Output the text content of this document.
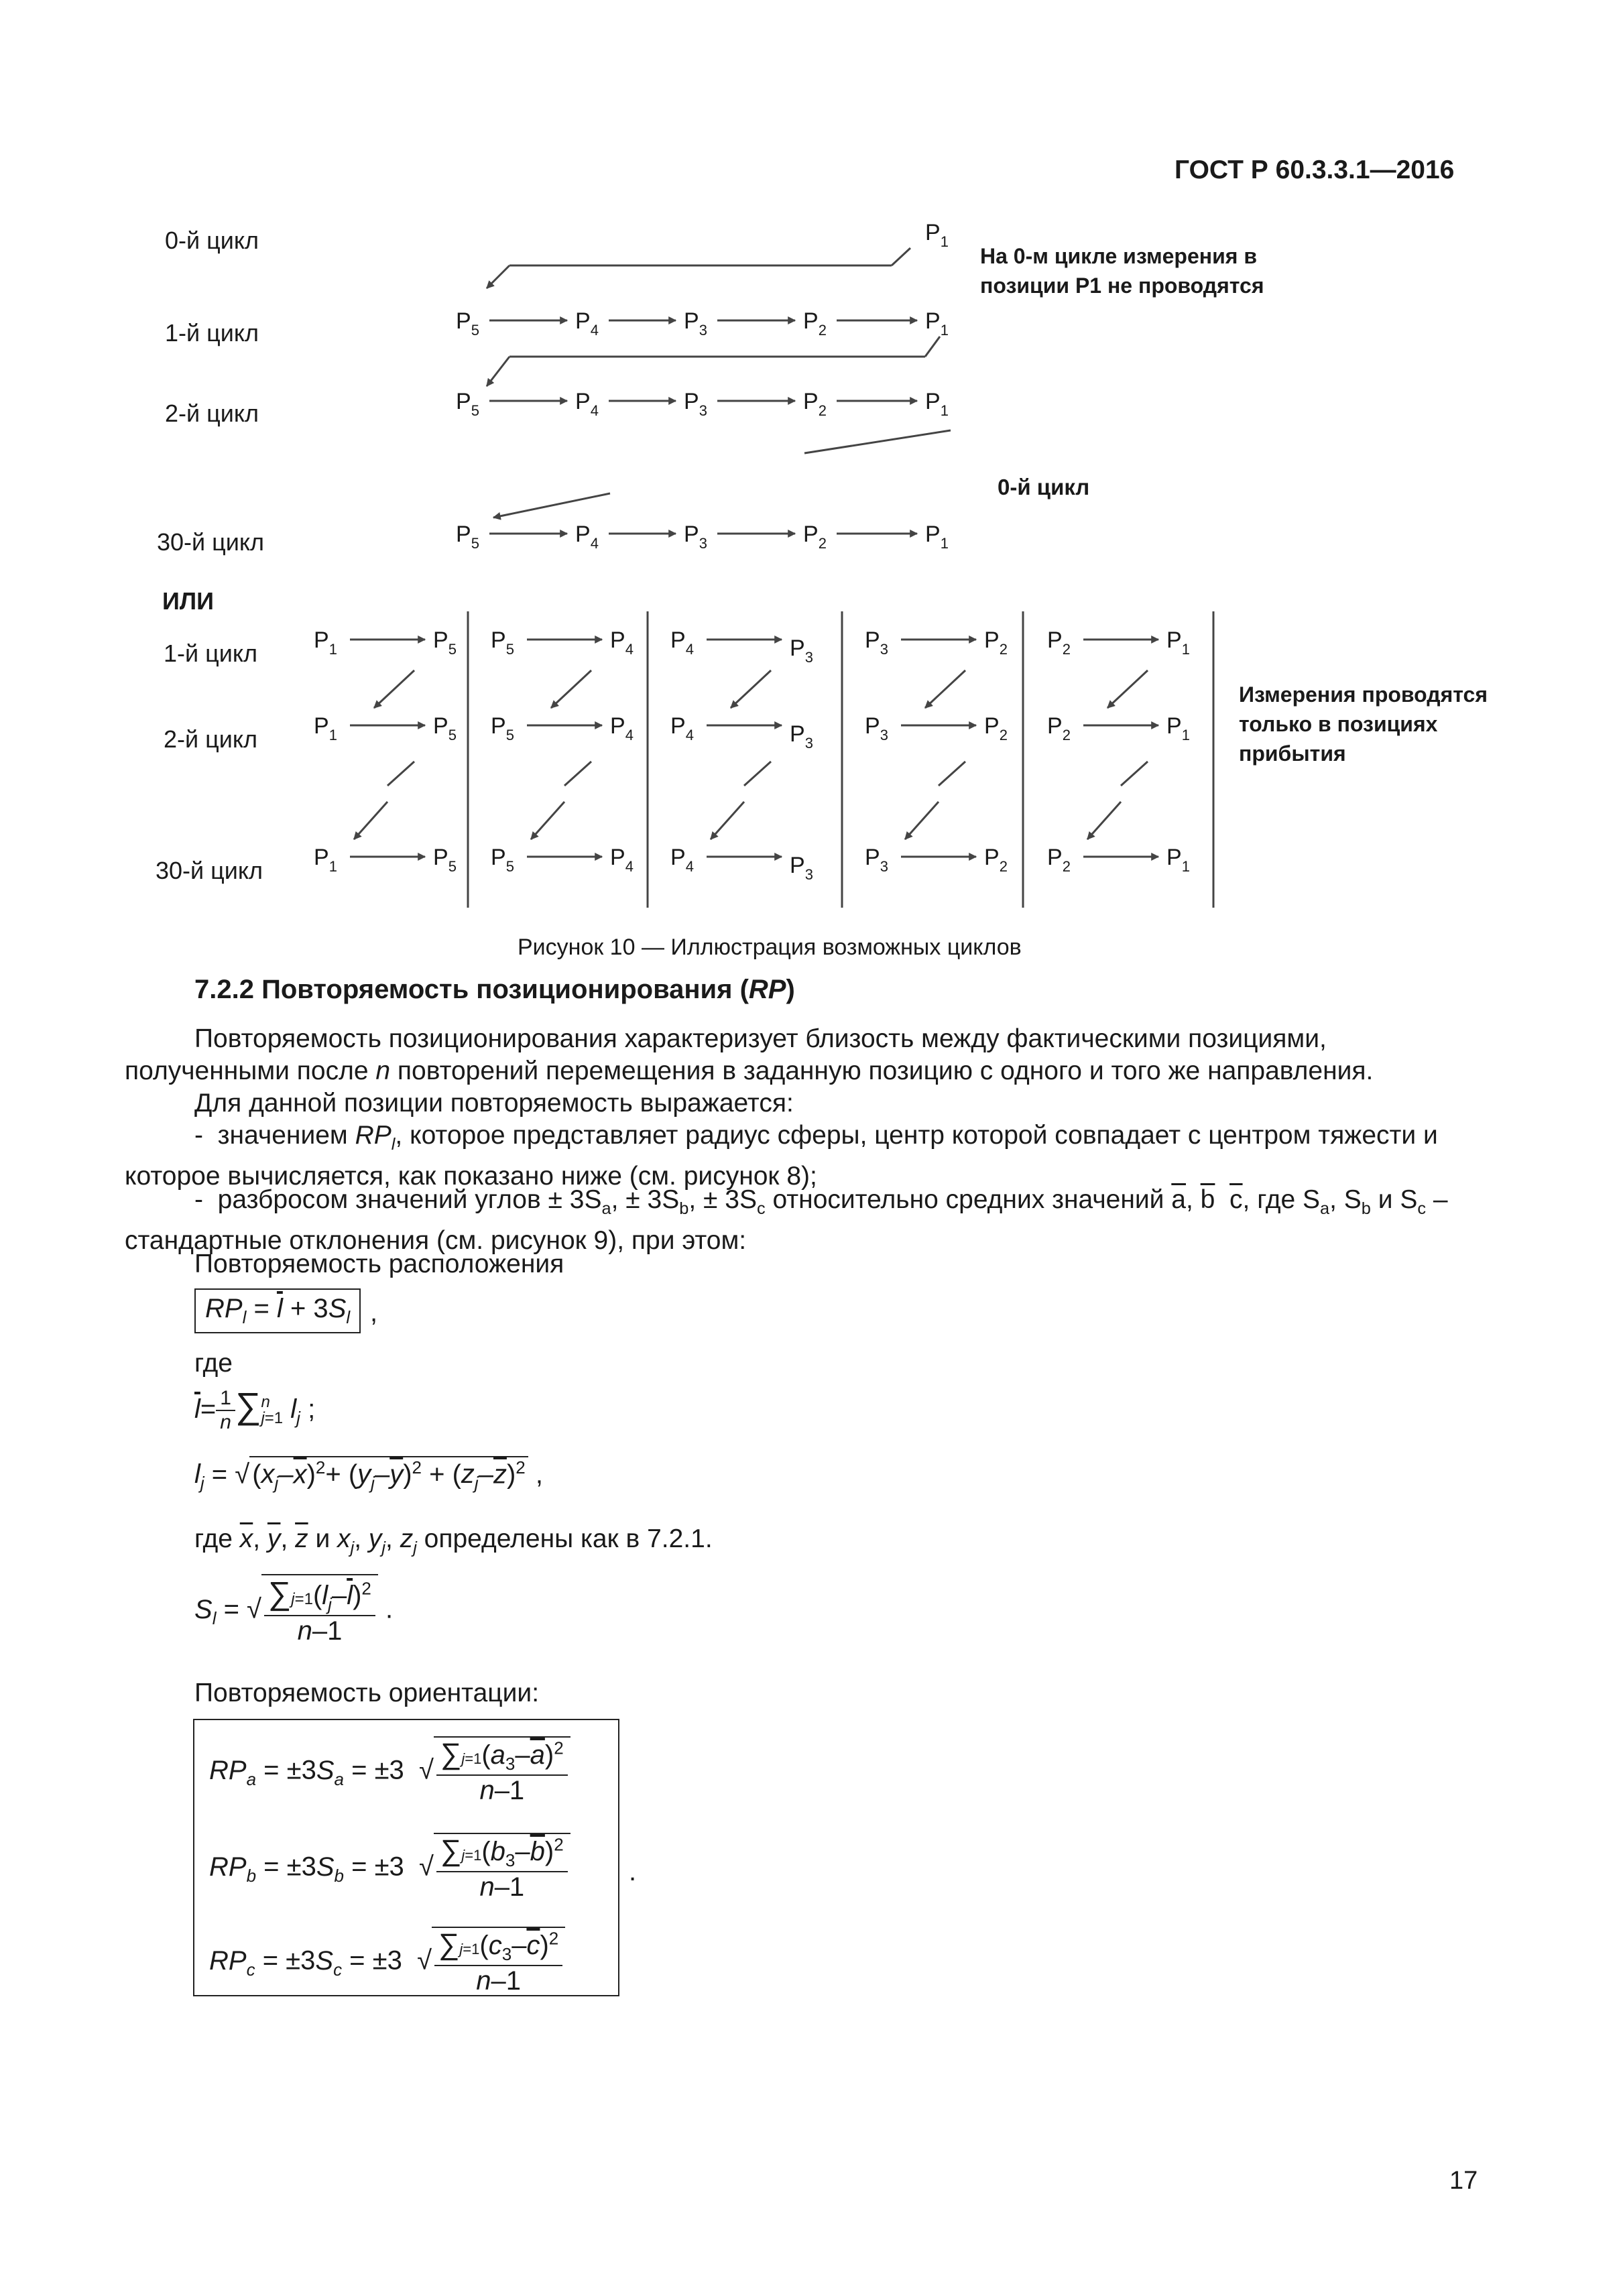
ГОСТ Р 60.3.3.1—2016
0-й цикл
1-й цикл
2-й цикл
30-й цикл
0-й цикл
ИЛИ
На 0-м цикле измерения в позиции Р1 не проводятся
$P_1$
$P_5$	$P_4$	$P_3$	$P_2$	$P_1$
$P_5$	$P_4$	$P_3$	$P_2$	$P_1$
$P_5$	$P_4$	$P_3$	$P_2$	$P_1$
$P_1$	$P_5$ $P_5$	$P_4$ $P_4$	$P_3$
$P_3$	$P_2$ $P_2$	$P_1$
$P_1$	$P_5$ $P_5$	$P_4$ $P_4$	$P_3$
$P_3$	$P_2$ $P_2$	$P_1$
$P_1$	$P_5$ $P_5$	$P_4$ $P_4$	$P_3$
$P_3$	$P_2$ $P_2$	$P_1$
1-й цикл
2-й цикл
30-й цикл
Измерения проводятся только в позициях прибытия
Рисунок 10 — Иллюстрация возможных циклов
7.2.2 Повторяемость позиционирования (RP)
Повторяемость позиционирования характеризует близость между фактическими позициями, полученными после n повторений перемещения в заданную позицию с одного и того же направления.
Для данной позиции повторяемость выражается:
-  значением $RP_l$, которое представляет радиус сферы, центр которой совпадает с центром тяжести и которое вычисляется, как показано ниже (см. рисунок 8);
-  разбросом значений углов ± $3S_a$, ± $3S_b$, ± $3S_c$ относительно средних значений $\overline{a}$, $\overline{b}$ $\overline{c}$, где $S_a$, $S_b$ и $S_c$ – стандартные отклонения (см. рисунок 9), при этом:
Повторяемость расположения
$RP_l = \overline{l} + 3S_l$ ,
где
$\overline{l}= \frac{1}{n}$ ∑ n
j=1 $l_j$ ;
$l_j$ = √ $(x_j-\overline{x})^2+ (y_j-\overline{y})^2 + (z_j-\overline{z})^2$ ,
где $\overline{x}$, $\overline{y}$, $\overline{z}$ и $x_j$, $y_j$, $z_j$ определены как в 7.2.1.
$S_l$ = √ $\frac{\sum j=1(l_j-\overline{l})^2}{n-1}$ .
Повторяемость ориентации:
$RP_a = \pm 3S_a = \pm 3$  √ $\frac{\sum j=1(a_3-\overline{a})^2}{n-1}$
$RP_b = \pm 3S_b = \pm 3$  √ $\frac{\sum j=1(b_3-\overline{b})^2}{n-1}$
$RP_c = \pm 3S_c = \pm 3$  √ $\frac{\sum j=1(c_3-\overline{c})^2}{n-1}$
.
17
